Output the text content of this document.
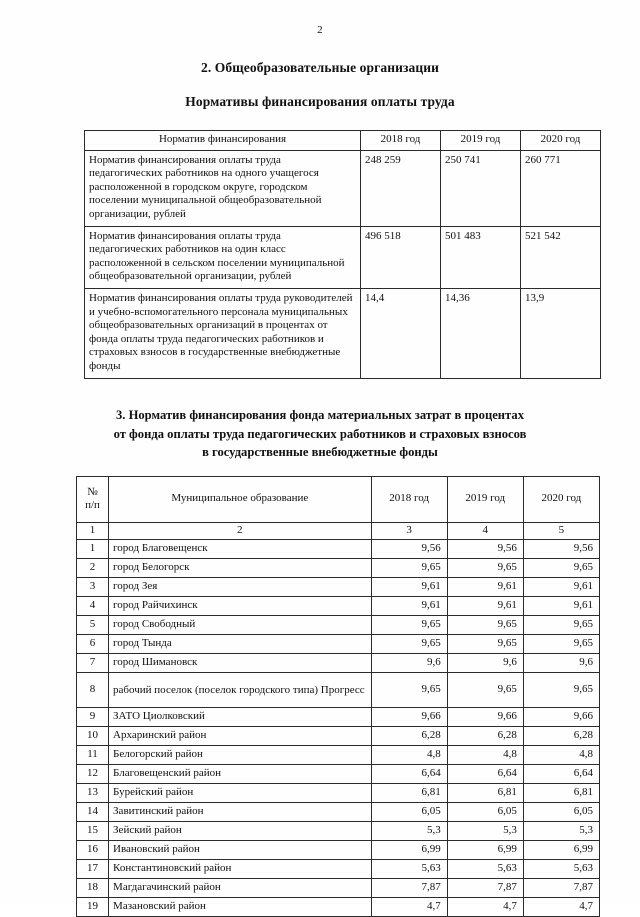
2
2. Общеобразовательные организации
Нормативы финансирования оплаты труда
Норматив финансирования	2018 год	2019 год	2020 год
Норматив финансирования оплаты труда педагогических работников на одного учащегося расположенной в городском округе, городском поселении муниципальной общеобразовательной организации, рублей	248 259	250 741	260 771
Норматив финансирования оплаты труда педагогических работников на один класс расположенной в сельском поселении муниципальной общеобразовательной организации, рублей	496 518	501 483	521 542
Норматив финансирования оплаты труда руководителей и учебно-вспомогательного персонала муниципальных общеобразовательных организаций в процентах от фонда оплаты труда педагогических работников и страховых взносов в государственные внебюджетные фонды	14,4	14,36	13,9
3. Норматив финансирования фонда материальных затрат в процентах
от фонда оплаты труда педагогических работников и страховых взносов
в государственные внебюджетные фонды
№
п/п	Муниципальное образование	2018 год	2019 год	2020 год
1	2	3	4	5
1	город Благовещенск	9,56	9,56	9,56
2	город Белогорск	9,65	9,65	9,65
3	город Зея	9,61	9,61	9,61
4	город Райчихинск	9,61	9,61	9,61
5	город Свободный	9,65	9,65	9,65
6	город Тында	9,65	9,65	9,65
7	город Шимановск	9,6	9,6	9,6
8	рабочий поселок (поселок городского типа) Прогресс	9,65	9,65	9,65
9	ЗАТО Циолковский	9,66	9,66	9,66
10	Архаринский район	6,28	6,28	6,28
11	Белогорский район	4,8	4,8	4,8
12	Благовещенский район	6,64	6,64	6,64
13	Бурейский район	6,81	6,81	6,81
14	Завитинский район	6,05	6,05	6,05
15	Зейский район	5,3	5,3	5,3
16	Ивановский район	6,99	6,99	6,99
17	Константиновский район	5,63	5,63	5,63
18	Магдагачинский район	7,87	7,87	7,87
19	Мазановский район	4,7	4,7	4,7
